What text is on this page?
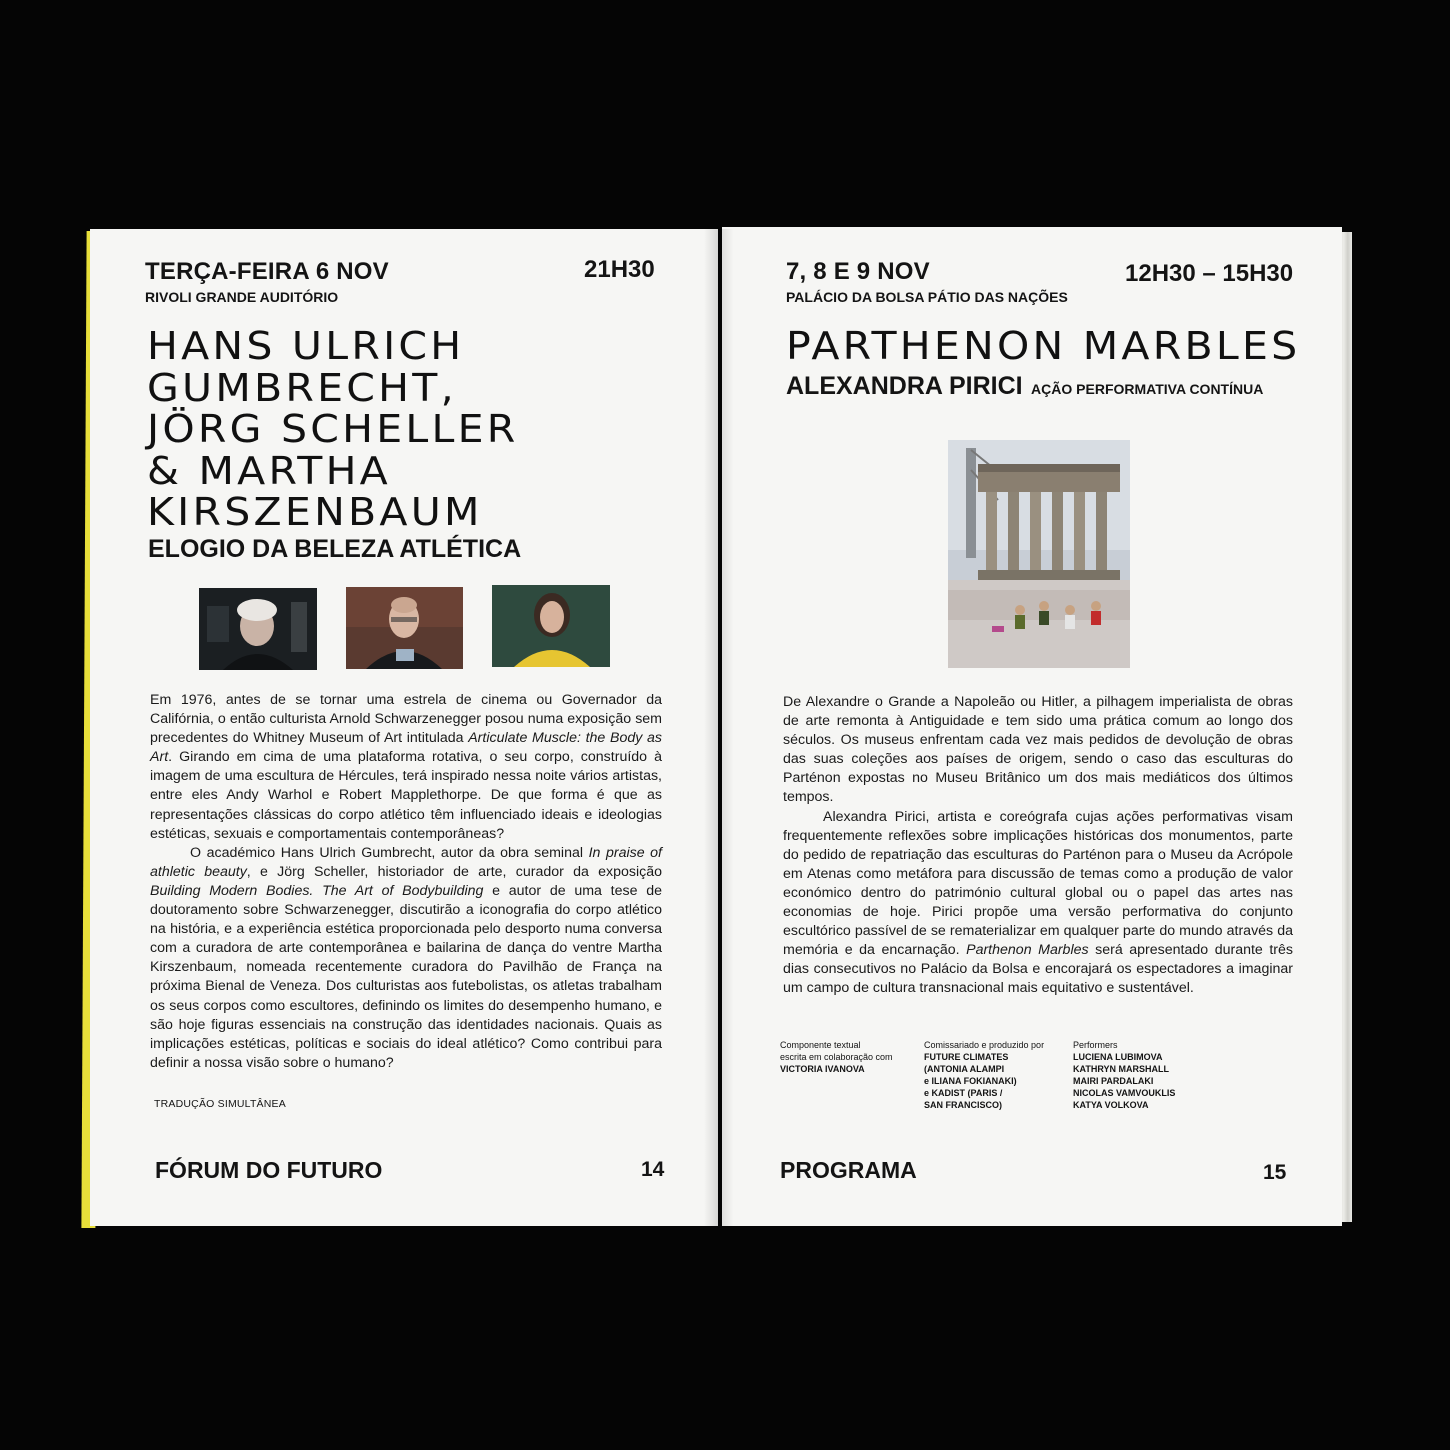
TERÇA-FEIRA 6 NOV
RIVOLI GRANDE AUDITÓRIO
21H30
HANS ULRICH
GUMBRECHT,
JÖRG SCHELLER
& MARTHA
KIRSZENBAUM
ELOGIO DA BELEZA ATLÉTICA

Em 1976, antes de se tornar uma estrela de cinema ou Governador da Califórnia, o então culturista Arnold Schwarzenegger posou numa exposição sem precedentes do Whitney Museum of Art intitulada Articulate Muscle: the Body as Art. Girando em cima de uma plataforma rotativa, o seu corpo, construído à imagem de uma escultura de Hércules, terá inspirado nessa noite vários artistas, entre eles Andy Warhol e Robert Mapplethorpe. De que forma é que as representações clássicas do corpo atlético têm influenciado ideais e ideologias estéticas, sexuais e comportamentais contemporâneas?

O académico Hans Ulrich Gumbrecht, autor da obra seminal In praise of athletic beauty, e Jörg Scheller, historiador de arte, curador da exposição Building Modern Bodies. The Art of Bodybuilding e autor de uma tese de doutoramento sobre Schwarzenegger, discutirão a iconografia do corpo atlético na história, e a experiência estética proporcionada pelo desporto numa conversa com a curadora de arte contemporânea e bailarina de dança do ventre Martha Kirszenbaum, nomeada recentemente curadora do Pavilhão de França na próxima Bienal de Veneza. Dos culturistas aos futebolistas, os atletas trabalham os seus corpos como escultores, definindo os limites do desempenho humano, e são hoje figuras essenciais na construção das identidades nacionais. Quais as implicações estéticas, políticas e sociais do ideal atlético? Como contribui para definir a nossa visão sobre o humano?

TRADUÇÃO SIMULTÂNEA
FÓRUM DO FUTURO	14
7, 8 E 9 NOV
PALÁCIO DA BOLSA PÁTIO DAS NAÇÕES
12H30 – 15H30
PARTHENON MARBLES
ALEXANDRA PIRICI AÇÃO PERFORMATIVA CONTÍNUA

De Alexandre o Grande a Napoleão ou Hitler, a pilhagem imperialista de obras de arte remonta à Antiguidade e tem sido uma prática comum ao longo dos séculos. Os museus enfrentam cada vez mais pedidos de devolução de obras das suas coleções aos países de origem, sendo o caso das esculturas do Parténon expostas no Museu Britânico um dos mais mediáticos dos últimos tempos.

Alexandra Pirici, artista e coreógrafa cujas ações performativas visam frequentemente reflexões sobre implicações históricas dos monumentos, parte do pedido de repatriação das esculturas do Parténon para o Museu da Acrópole em Atenas como metáfora para discussão de temas como a produção de valor económico dentro do património cultural global ou o papel das artes nas economias de hoje. Pirici propõe uma versão performativa do conjunto escultórico passível de se rematerializar em qualquer parte do mundo através da memória e da encarnação. Parthenon Marbles será apresentado durante três dias consecutivos no Palácio da Bolsa e encorajará os espectadores a imaginar um campo de cultura transnacional mais equitativo e sustentável.

Componente textual
escrita em colaboração com
VICTORIA IVANOVA
Comissariado e produzido por
FUTURE CLIMATES
(ANTONIA ALAMPI
e ILIANA FOKIANAKI)
e KADIST (PARIS /
SAN FRANCISCO)
Performers
LUCIENA LUBIMOVA
KATHRYN MARSHALL
MAIRI PARDALAKI
NICOLAS VAMVOUKLIS
KATYA VOLKOVA
PROGRAMA	15
